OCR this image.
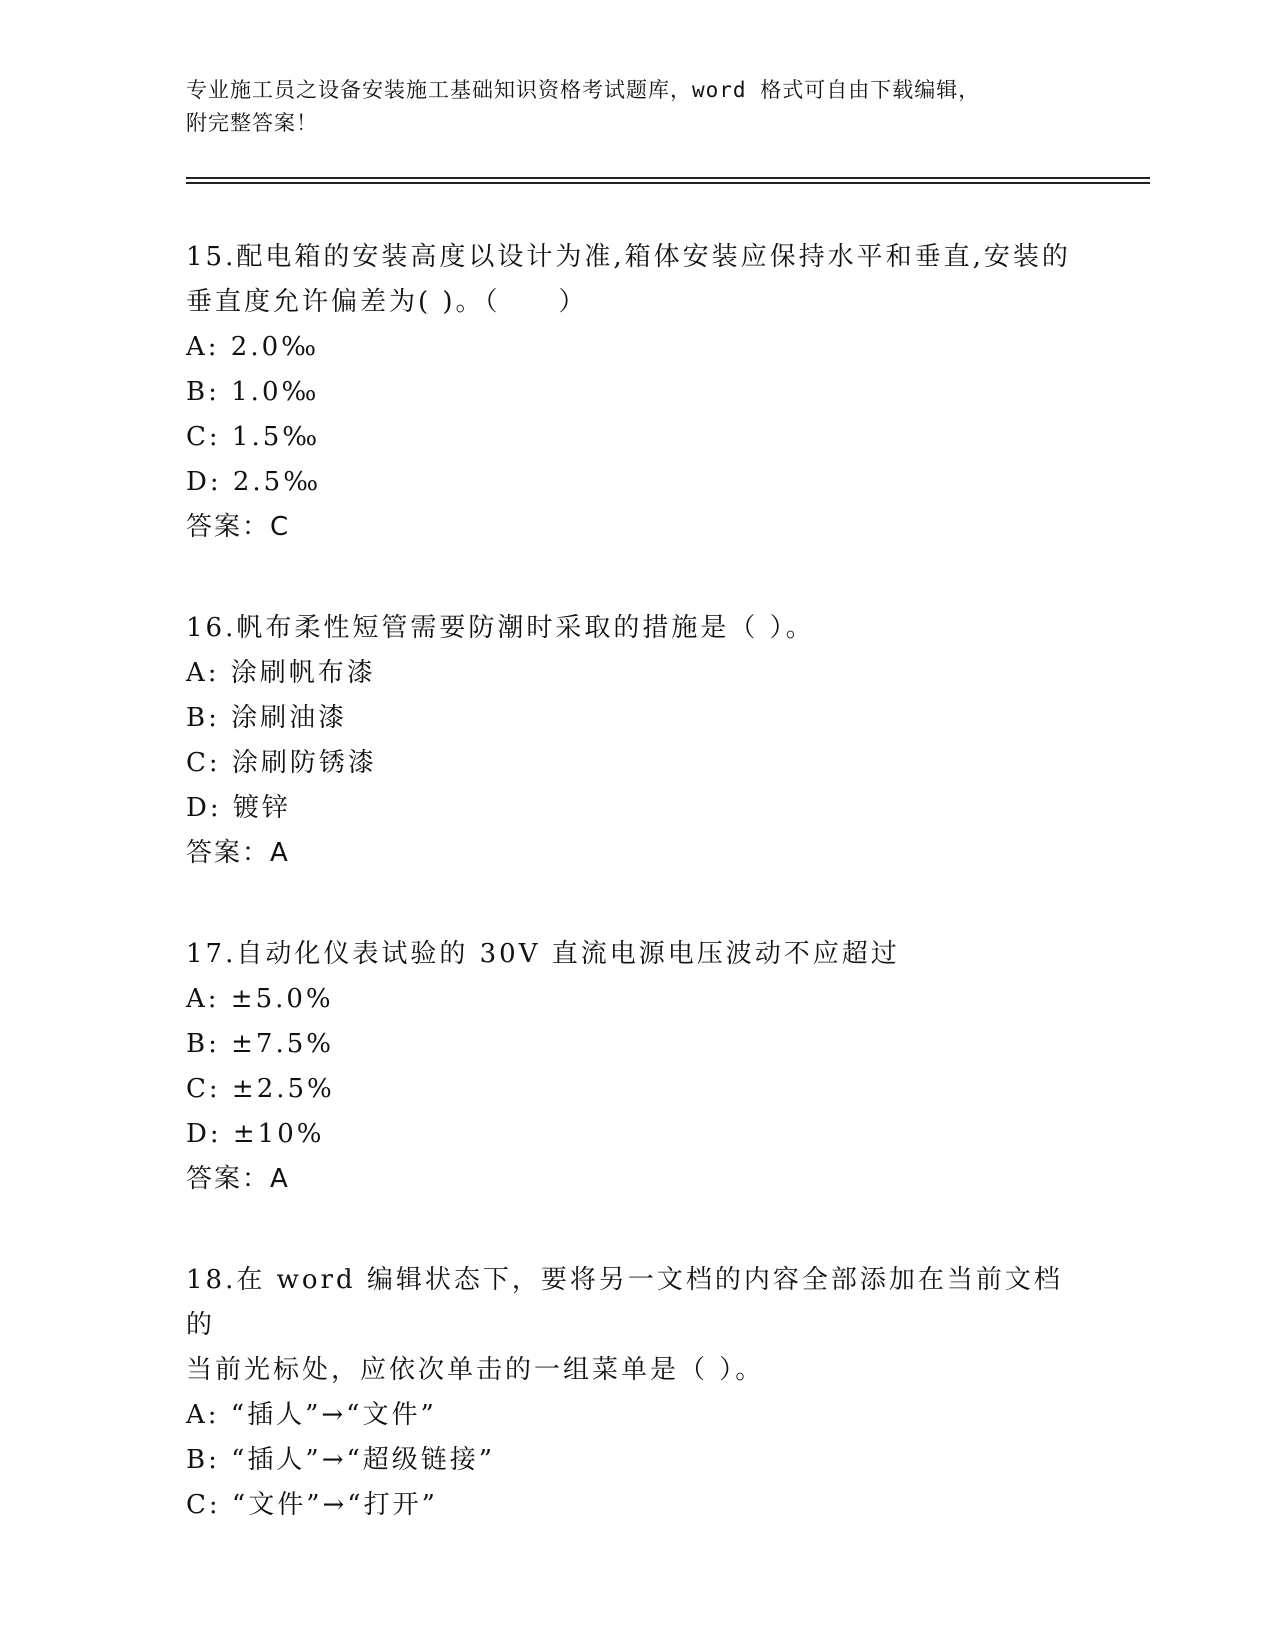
专业施工员之设备安装施工基础知识资格考试题库，word 格式可自由下载编辑，
附完整答案！
15.配电箱的安装高度以设计为准,箱体安装应保持水平和垂直,安装的
垂直度允许偏差为( )。（　　）
A: 2.0‰
B: 1.0‰
C: 1.5‰
D: 2.5‰
答案：C
16.帆布柔性短管需要防潮时采取的措施是（ ）。
A: 涂刷帆布漆
B: 涂刷油漆
C: 涂刷防锈漆
D: 镀锌
答案：A
17.自动化仪表试验的 30V 直流电源电压波动不应超过
A: ±5.0%
B: ±7.5%
C: ±2.5%
D: ±10%
答案：A
18.在 word 编辑状态下，要将另一文档的内容全部添加在当前文档的
当前光标处，应依次单击的一组菜单是（ ）。
A: “插人”→“文件”
B: “插人”→“超级链接”
C: “文件”→“打开”
